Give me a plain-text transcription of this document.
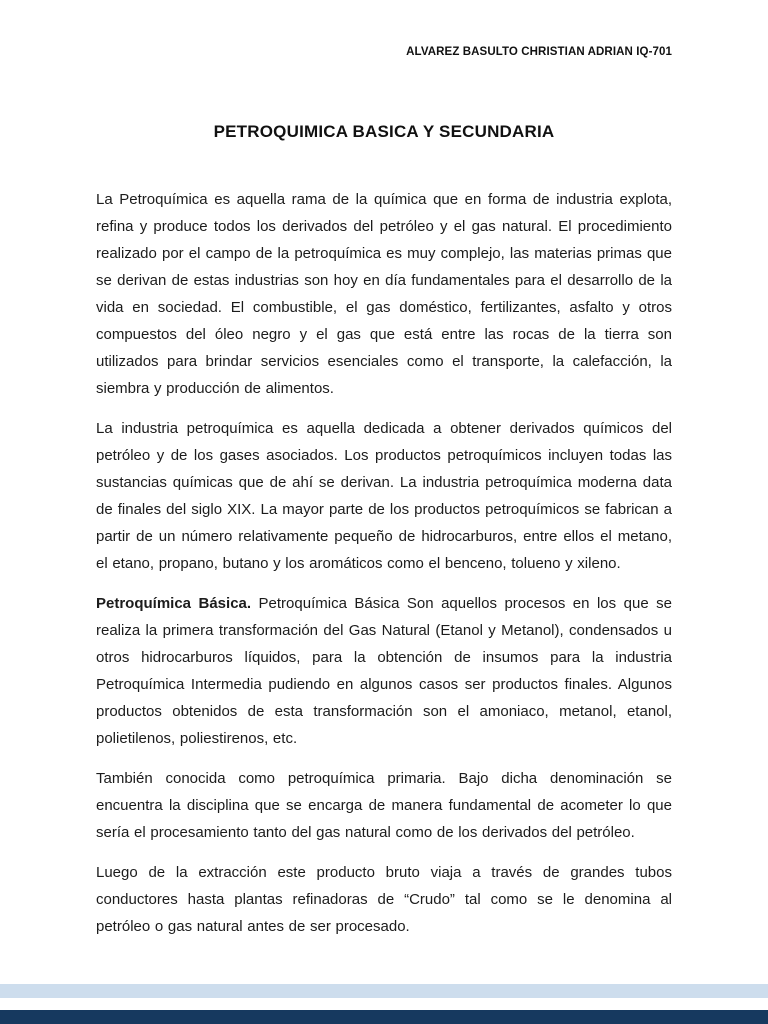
ALVAREZ BASULTO CHRISTIAN ADRIAN IQ-701
PETROQUIMICA BASICA Y SECUNDARIA

La Petroquímica es aquella rama de la química que en forma de industria explota, refina y produce todos los derivados del petróleo y el gas natural. El procedimiento realizado por el campo de la petroquímica es muy complejo, las materias primas que se derivan de estas industrias son hoy en día fundamentales para el desarrollo de la vida en sociedad. El combustible, el gas doméstico, fertilizantes, asfalto y otros compuestos del óleo negro y el gas que está entre las rocas de la tierra son utilizados para brindar servicios esenciales como el transporte, la calefacción, la siembra y producción de alimentos.

La industria petroquímica es aquella dedicada a obtener derivados químicos del petróleo y de los gases asociados. Los productos petroquímicos incluyen todas las sustancias químicas que de ahí se derivan. La industria petroquímica moderna data de finales del siglo XIX. La mayor parte de los productos petroquímicos se fabrican a partir de un número relativamente pequeño de hidrocarburos, entre ellos el metano, el etano, propano, butano y los aromáticos como el benceno, tolueno y xileno.

Petroquímica Básica. Petroquímica Básica Son aquellos procesos en los que se realiza la primera transformación del Gas Natural (Etanol y Metanol), condensados u otros hidrocarburos líquidos, para la obtención de insumos para la industria Petroquímica Intermedia pudiendo en algunos casos ser productos finales. Algunos productos obtenidos de esta transformación son el amoniaco, metanol, etanol, polietilenos, poliestirenos, etc.

También conocida como petroquímica primaria. Bajo dicha denominación se encuentra la disciplina que se encarga de manera fundamental de acometer lo que sería el procesamiento tanto del gas natural como de los derivados del petróleo.

Luego de la extracción este producto bruto viaja a través de grandes tubos conductores hasta plantas refinadoras de “Crudo” tal como se le denomina al petróleo o gas natural antes de ser procesado.
